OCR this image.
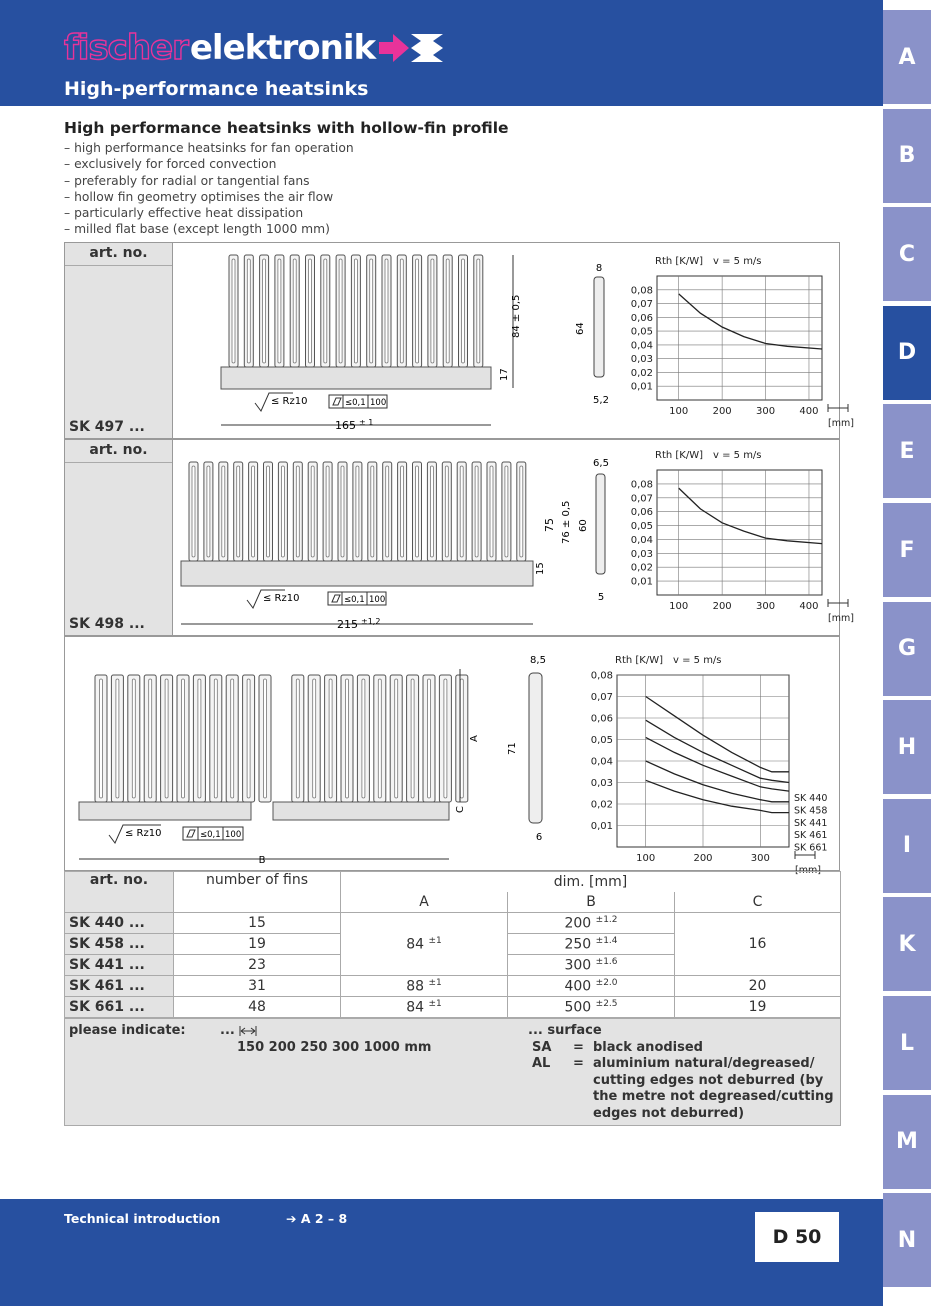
fischer elektronik
High-performance heatsinks
A
B
C
D
E
F
G
H
I
K
L
M
N
High performance heatsinks with hollow-fin profile
– high performance heatsinks for fan operation
– exclusively for forced convection
– preferably for radial or tangential fans
– hollow fin geometry optimises the air flow
– particularly effective heat dissipation
– milled flat base (except length 1000 mm)
art. no.
SK 497 ...	165 ± 1
84 ± 0,5
17
≤ Rz10	≤0,1 100
8
64
5,2
0,08
0,07
0,06
0,05
0,04
0,03
0,02
0,01
100 200 300 400
Rth [K/W] v = 5 m/s
[mm]
art. no.
SK 498 ...	215 ±1,2
75 76 ± 0,5
15
≤ Rz10	≤0,1 100
6,5
60
5
0,08
0,07
0,06
0,05
0,04
0,03
0,02
0,01
100 200 300 400
Rth [K/W] v = 5 m/s
[mm]
B
A
C
≤ Rz10	≤0,1 100
8,5
71
6
0,08
0,07
0,06
0,05
0,04
0,03
0,02
0,01
100	200	300
Rth [K/W] v = 5 m/s
[mm]
SK 440
SK 458
SK 441
SK 461
SK 661
art. no.	number of fins	dim. [mm]		
		A	B	C
SK 440 ...	15	84 $^{\pm 1}$	200 $^{\pm 1.2}$	16
SK 458 ...	19		250 $^{\pm 1.4}$
SK 441 ...	23		300 $^{\pm 1.6}$
SK 461 ...	31	88 $^{\pm 1}$	400 $^{\pm 2.0}$	20
SK 661 ...	48	84 $^{\pm 1}$	500 $^{\pm 2.5}$	19
please indicate:	...
150 200 250 300 1000 mm
... surface
SA = black anodised
AL = aluminium natural/degreased/ cutting edges not deburred (by the metre not degreased/cutting edges not deburred)
Technical introduction	➔ A 2 – 8
D 50
